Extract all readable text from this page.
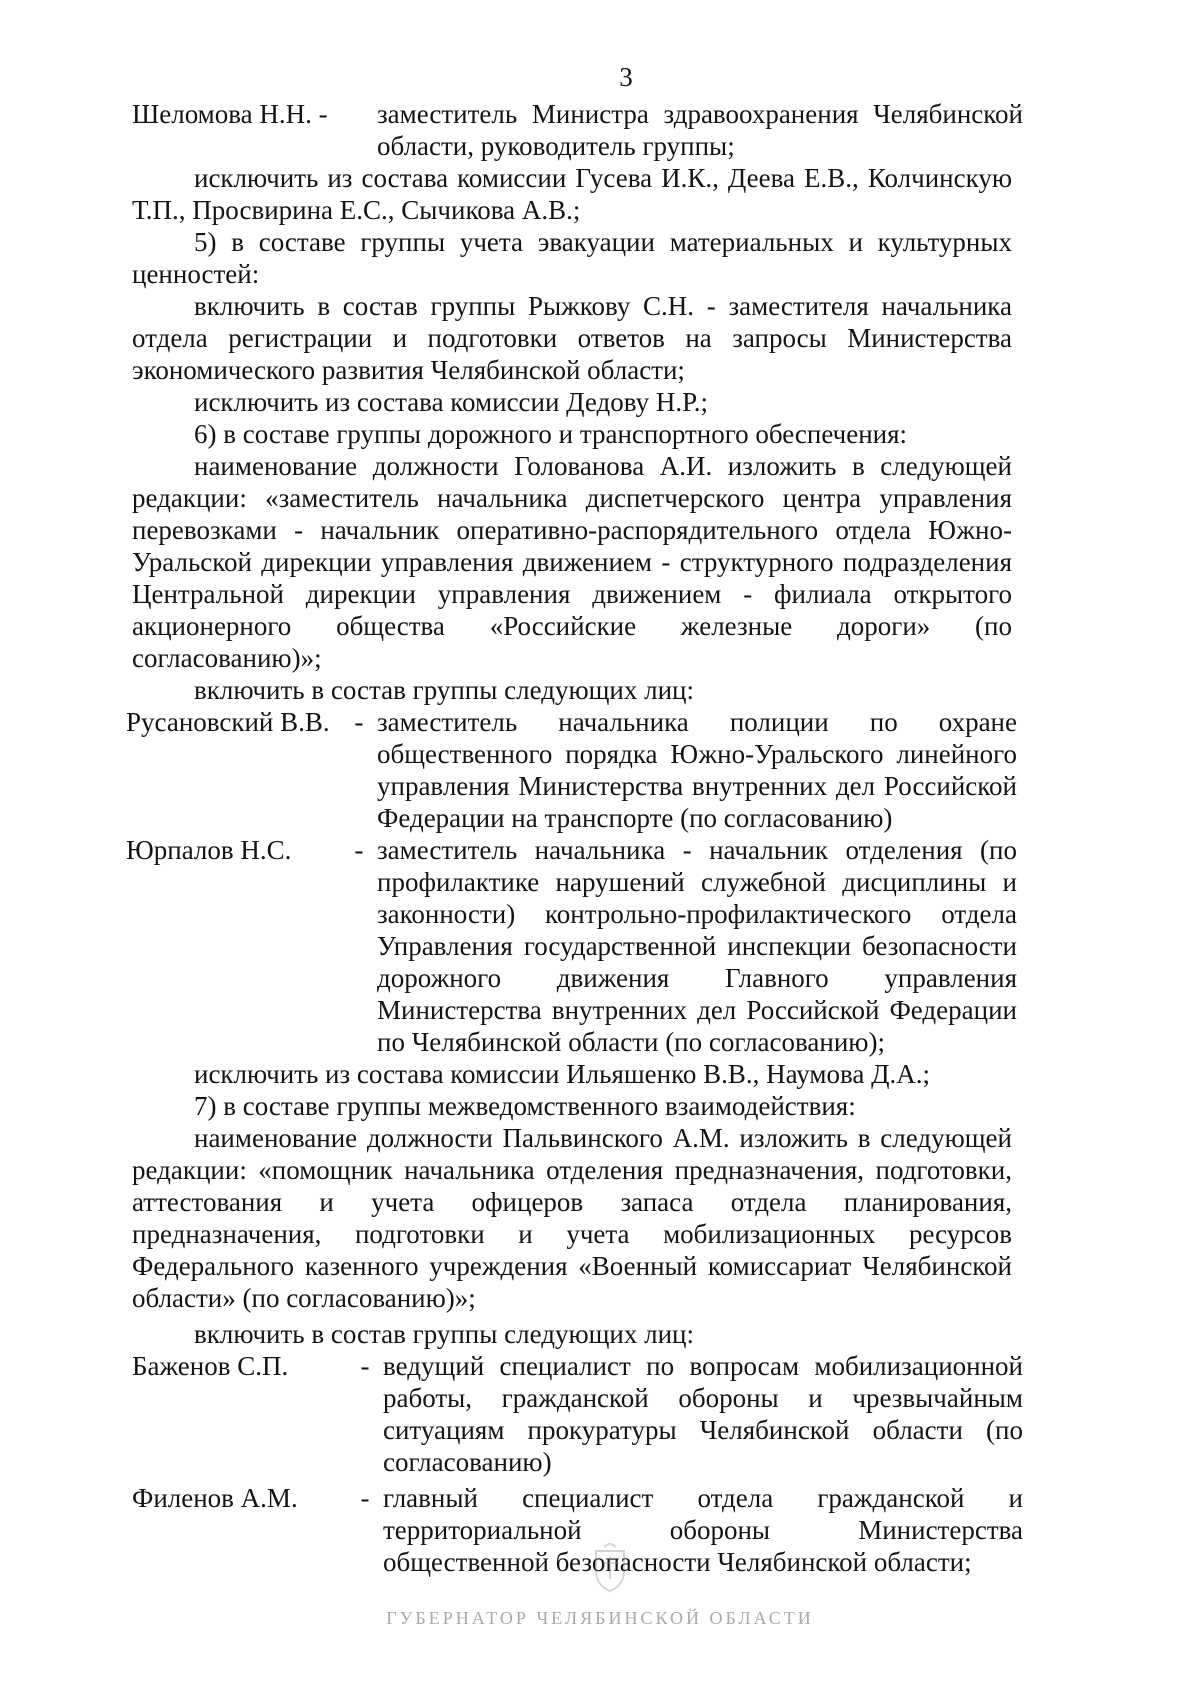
3
Шеломова Н.Н. -	заместитель Министра здравоохранения Челябинской области, руководитель группы;

исключить из состава комиссии Гусева И.К., Деева Е.В., Колчинскую Т.П., Просвирина Е.С., Сычикова А.В.;

5) в составе группы учета эвакуации материальных и культурных ценностей:

включить в состав группы Рыжкову С.Н. - заместителя начальника отдела регистрации и подготовки ответов на запросы Министерства экономического развития Челябинской области;

исключить из состава комиссии Дедову Н.Р.;

6) в составе группы дорожного и транспортного обеспечения:

наименование должности Голованова А.И. изложить в следующей редакции: «заместитель начальника диспетчерского центра управления перевозками - начальник оперативно-распорядительного отдела Южно-Уральской дирекции управления движением - структурного подразделения Центральной дирекции управления движением - филиала открытого акционерного общества «Российские железные дороги» (по согласованию)»;

включить в состав группы следующих лиц:

Русановский В.В. - заместитель начальника полиции по охране общественного порядка Южно-Уральского линейного управления Министерства внутренних дел Российской Федерации на транспорте (по согласованию)
Юрпалов Н.С.	- заместитель начальника - начальник отделения (по профилактике нарушений служебной дисциплины и законности) контрольно-профилактического отдела Управления государственной инспекции безопасности дорожного движения Главного управления Министерства внутренних дел Российской Федерации по Челябинской области (по согласованию);

исключить из состава комиссии Ильяшенко В.В., Наумова Д.А.;

7) в составе группы межведомственного взаимодействия:

наименование должности Пальвинского А.М. изложить в следующей редакции: «помощник начальника отделения предназначения, подготовки, аттестования и учета офицеров запаса отдела планирования, предназначения, подготовки и учета мобилизационных ресурсов Федерального казенного учреждения «Военный комиссариат Челябинской области» (по согласованию)»;

включить в состав группы следующих лиц:

Баженов С.П.	- ведущий специалист по вопросам мобилизационной работы, гражданской обороны и чрезвычайным ситуациям прокуратуры Челябинской области (по согласованию)
Филенов А.М.	- главный специалист отдела гражданской и территориальной обороны Министерства общественной безопасности Челябинской области;
ГУБЕРНАТОР ЧЕЛЯБИНСКОЙ ОБЛАСТИ
